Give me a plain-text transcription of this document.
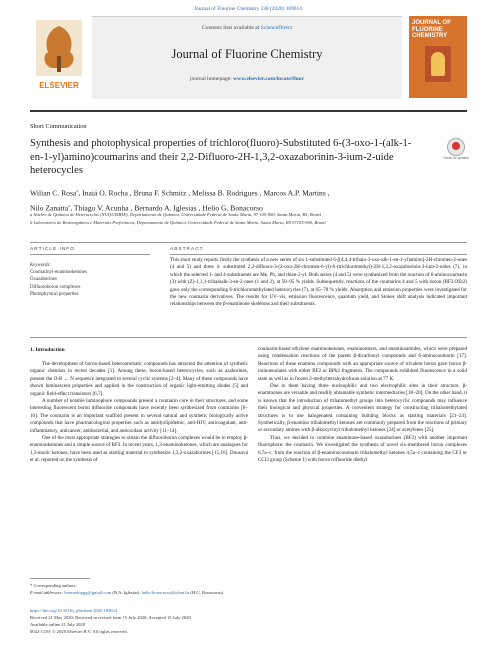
Journal of Fluorine Chemistry 238 (2020) 109614
ELSEVIER
Contents lists available at ScienceDirect
Journal of Fluorine Chemistry
journal homepage: www.elsevier.com/locate/fluor
JOURNAL OF FLUORINE CHEMISTRY
Short Communication
Synthesis and photophysical properties of trichloro(fluoro)-Substituted 6-(3-oxo-1-(alk-1-en-1-yl)amino)coumarins and their 2,2-Difluoro-2H-1,3,2-oxazaborinin-3-ium-2-uide heterocycles
Check for updates
Wilian C. Rosa$^a$, Inaiá O. Rocha , Bruna F. Schmitz , Melissa B. Rodrigues , Marcos A.P. Martins ,
Nilo Zanatta$^a$, Thiago V. Acunha , Bernardo A. Iglesias , Helio G. Bonacorso
a Núcleo de Química de Heterociclos (NUQUIMHE), Departamento de Química, Universidade Federal de Santa Maria, 97 105-900, Santa Maria, RS, Brazil
b Laboratório de Bioinorgânica e Materiais Porfirínicos, Departamento de Química, Universidade Federal de Santa Maria, Santa Maria, RS 97105-900, Brazil
ARTICLE INFO	ABSTRACT
Keywords:
Coumarinyl-enaminoketones
Oxazaborines
Difluoroboron complexes
Photophysical properties
This short study reports firstly the synthesis of a new series of six 1-substituted 6-[(4,4,4-trihalo-3-oxo-alk-1-en-1-yl)amino]-2H-chromen-2-ones (4 and 5) and three 4- substituted 2,2-difluoro-3-(2-oxo-2H-chromen-6-yl)-6-(trichloromethyl)-2H-1,3,2-oxazaborinin-3-ium-2-uides (7), in which the selected 1- and 4-substituents are Me, Ph, and thien-2-yl. Both series (4 and 5) were synthesized from the reaction of 6-aminocoumarin (3) with (Z)-1,1,1-trihaloalk-3-en-2-ones (1 and 2), at 50–95 % yields. Subsequently, reactions of the coumarins 4 and 5 with boron (BF3.OEt2) gave only the corresponding 6-trichloromethylated heterocycles (7), at 65–78 % yields. Absorption and emission properties were investigated for the new coumarin derivatives. The results for UV–vis, emission fluorescence, quantum yield, and Stokes shift analysis indicated important relationships between the β-enaminone skeletons and their substituents.
1. Introduction

The development of boron-based heteroaromatic compounds has attracted the attention of synthetic organic chemists in recent decades [1]. Among these, boron-based heterocycles, such as azaborines, present the O-B ← N sequence integrated to several cyclic systems [2–4]. Many of these compounds have shown luminescent properties and applied in the construction of organic light-emitting diodes [5] and organic field-effect transistors [6,7].

A number of notable luminophore compounds present a coumarin core in their structures, and some interesting fluorescent boron difluoride compounds have recently been synthesized from coumarins [8–10]. The coumarin is an important scaffold present in several natural and synthetic biologically active compounds that have pharmacological properties such as antidyslipidemic, anti-HIV, anticoagulant, anti-inflammatory, anticancer, antibacterial, and antioxidant activity [11–14].

One of the most appropriate strategies to obtain the difluoroboron complexes would be to employ β-enaminoketones and a simple source of BF3. In recent years, 1,3-enaminoketones, which are analogues for 1,3-enolic ketones, have been used as starting material to synthesize 1,3,2-oxazaborines [15,16]. Dousová et al. reported on the synthesis of

coumarin-based ethylene enaminoketones, enaminoesters, and enaminoamides, which were prepared using condensation reactions of the parent β-dicarbonyl compounds and 6-aminocoumarin [17]. Reactions of these enamino compounds with an appropriate source of trivalent boron gave boron β-iminoenolates with either BF2 or BPh2 fragments. The compounds exhibited fluorescence in a solid state as well as in frozen 2-methyltetrahydrofuran solution at 77 K.

Due to them having three nucleophilic and two electrophilic sites in their structure, β-enaminones are versatile and readily obtainable synthetic intermediaries [18–20]. On the other hand, it is known that the introduction of trihalomethyl groups into heterocyclic compounds may influence their biological and physical properties. A convenient strategy for constructing trihalomethylated structures is to use halogenated containing building blocks as starting materials [21–23]. Synthetically, β-enamino trihalomethyl ketones are commonly prepared from the reactions of primary or secondary amines with β-alkoxyvinyl trihalomethyl ketones [24] or acetylenes [25].

Thus, we decided to combine enaminone-based oxazaborines (BF2) with another important fluorophore: the coumarin. We investigated the synthesis of novel six-membered boron complexes 6,7a–c, from the reaction of β-enaminocoumarin trihalomethyl ketones 4,5a–c containing the CF3 or CCl3 group (Scheme 1) with boron trifluoride diethyl

* Corresponding authors.
E-mail addresses: bernardopgg@gmail.com (B.A. Iglesias), helio.bonacorso@ufsm.br (H.G. Bonacorso).
https://doi.org/10.1016/j.jfluchem.2020.109614
Received 21 May 2020; Received in revised form 15 July 2020; Accepted 15 July 2020
Available online 21 July 2020
0022-1139/ © 2020 Elsevier B.V. All rights reserved.
